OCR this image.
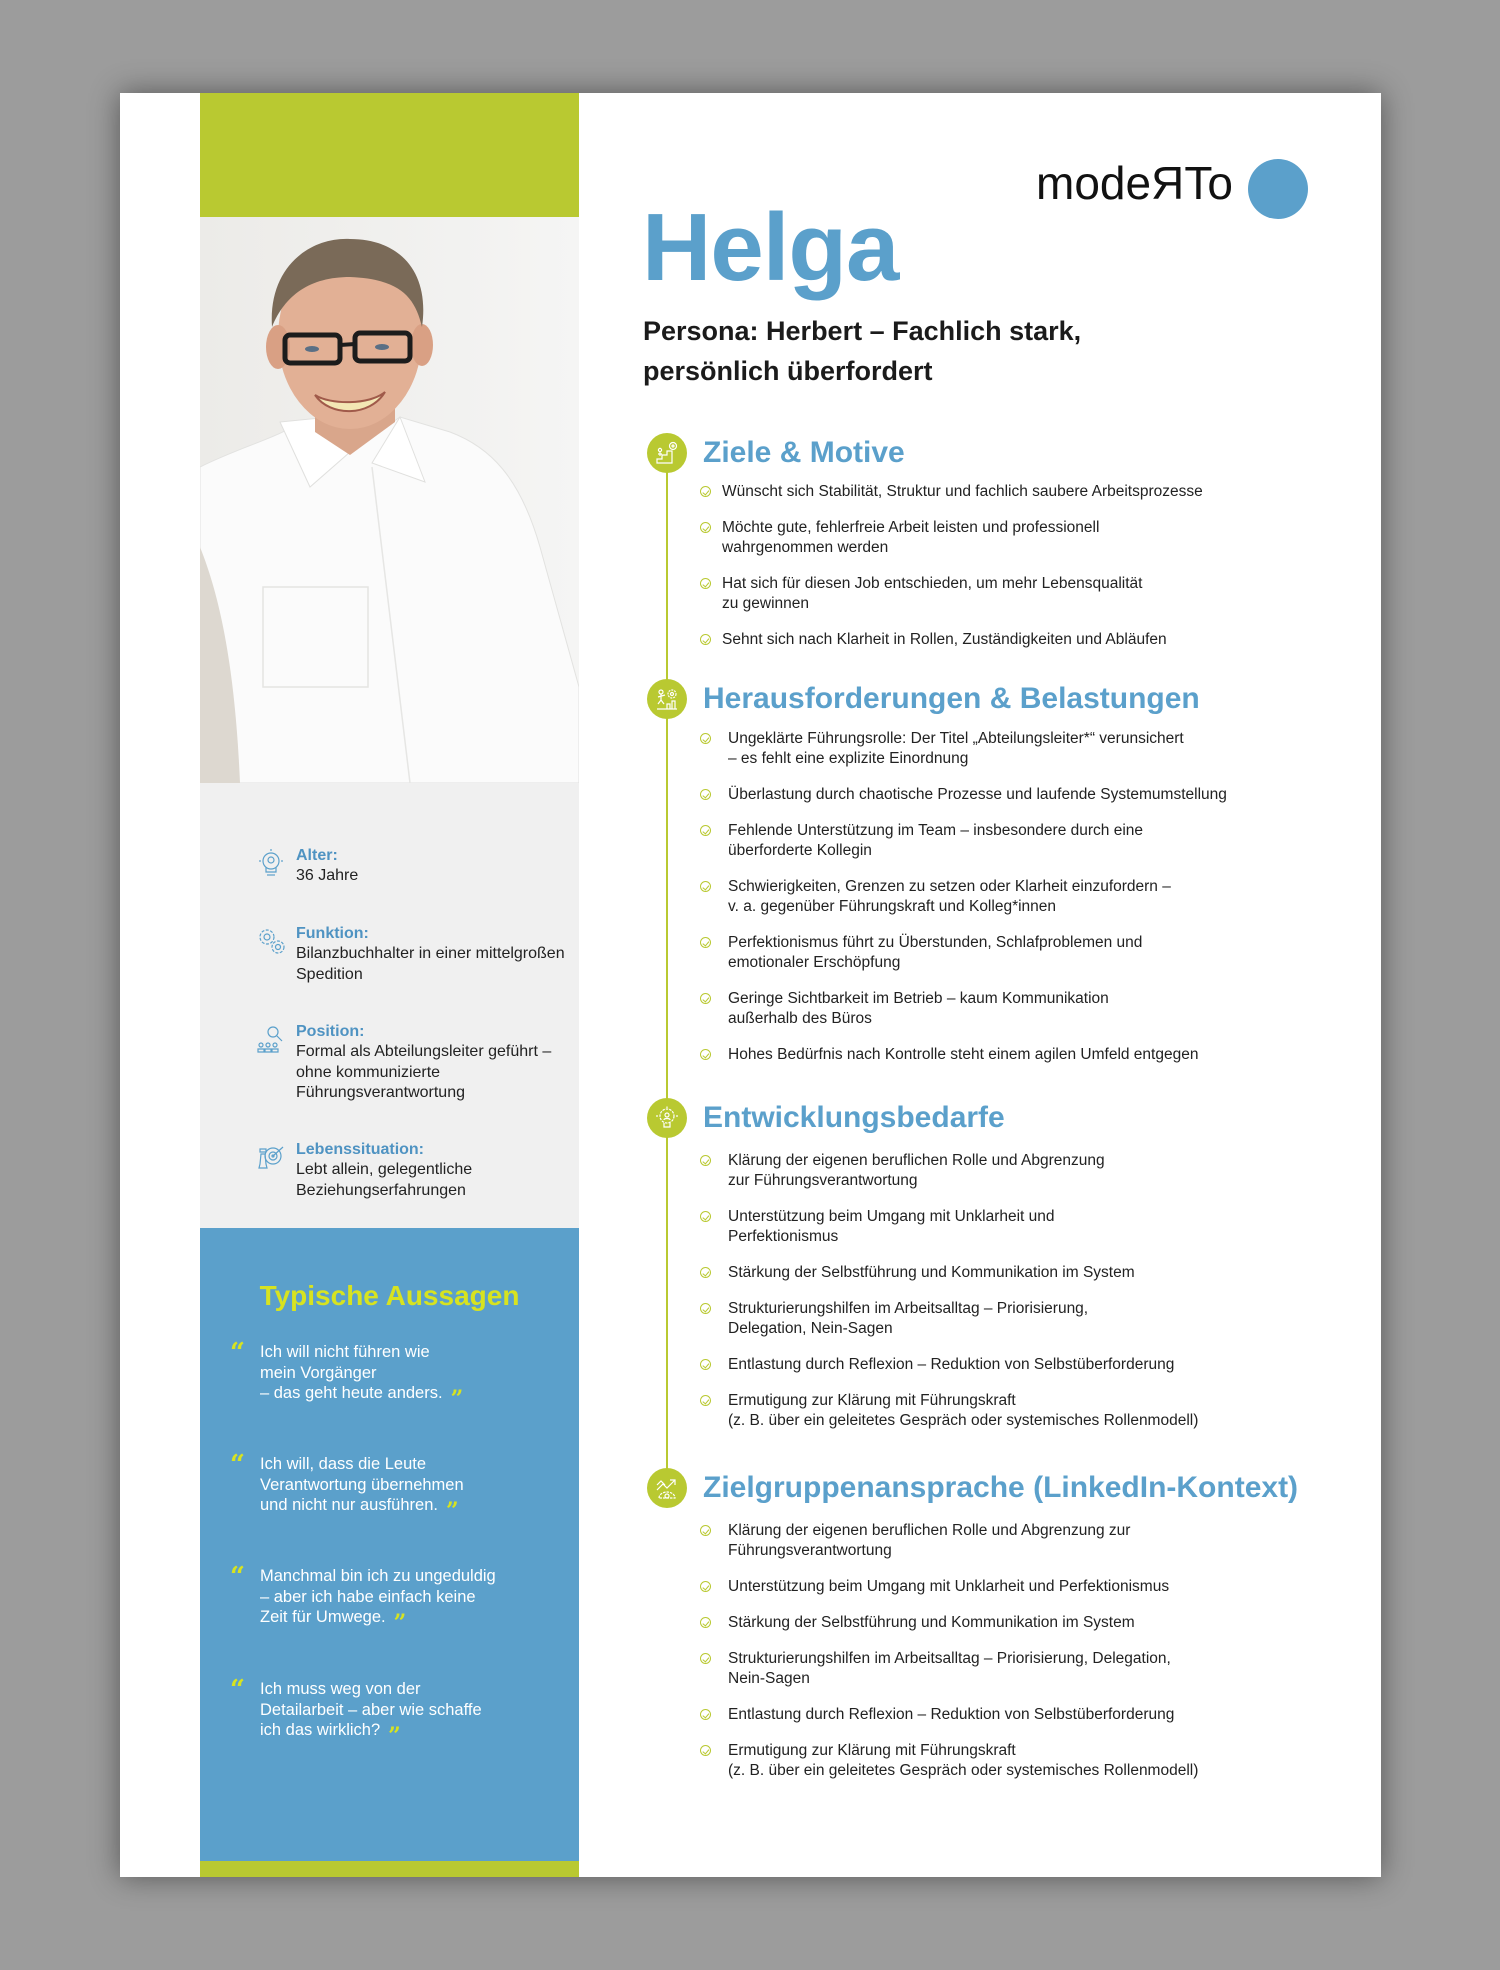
Alter:
36 Jahre
Funktion:
Bilanzbuchhalter in einer mittelgroßen Spedition
Position:
Formal als Abteilungsleiter geführt – ohne kommunizierte Führungsverantwortung
Lebenssituation:
Lebt allein, gelegentliche Beziehungserfahrungen
Typische Aussagen
“ Ich will nicht führen wie
mein Vorgänger
– das geht heute anders. ”
“ Ich will, dass die Leute
Verantwortung übernehmen
und nicht nur ausführen. ”
“ Manchmal bin ich zu ungeduldig
– aber ich habe einfach keine
Zeit für Umwege. ”
“ Ich muss weg von der
Detailarbeit – aber wie schaffe
ich das wirklich? ”
modeRTo
Helga
Persona: Herbert – Fachlich stark,
persönlich überfordert
Ziele & Motive
Wünscht sich Stabilität, Struktur und fachlich saubere Arbeitsprozesse
Möchte gute, fehlerfreie Arbeit leisten und professionell
wahrgenommen werden
Hat sich für diesen Job entschieden, um mehr Lebensqualität
zu gewinnen
Sehnt sich nach Klarheit in Rollen, Zuständigkeiten und Abläufen
Herausforderungen & Belastungen
Ungeklärte Führungsrolle: Der Titel „Abteilungsleiter*“ verunsichert
– es fehlt eine explizite Einordnung
Überlastung durch chaotische Prozesse und laufende Systemumstellung
Fehlende Unterstützung im Team – insbesondere durch eine
überforderte Kollegin
Schwierigkeiten, Grenzen zu setzen oder Klarheit einzufordern –
v. a. gegenüber Führungskraft und Kolleg*innen
Perfektionismus führt zu Überstunden, Schlafproblemen und
emotionaler Erschöpfung
Geringe Sichtbarkeit im Betrieb – kaum Kommunikation
außerhalb des Büros
Hohes Bedürfnis nach Kontrolle steht einem agilen Umfeld entgegen
Entwicklungsbedarfe
Klärung der eigenen beruflichen Rolle und Abgrenzung
zur Führungsverantwortung
Unterstützung beim Umgang mit Unklarheit und
Perfektionismus
Stärkung der Selbstführung und Kommunikation im System
Strukturierungshilfen im Arbeitsalltag – Priorisierung,
Delegation, Nein-Sagen
Entlastung durch Reflexion – Reduktion von Selbstüberforderung
Ermutigung zur Klärung mit Führungskraft
(z. B. über ein geleitetes Gespräch oder systemisches Rollenmodell)
Zielgruppenansprache (LinkedIn-Kontext)
Klärung der eigenen beruflichen Rolle und Abgrenzung zur
Führungsverantwortung
Unterstützung beim Umgang mit Unklarheit und Perfektionismus
Stärkung der Selbstführung und Kommunikation im System
Strukturierungshilfen im Arbeitsalltag – Priorisierung, Delegation,
Nein-Sagen
Entlastung durch Reflexion – Reduktion von Selbstüberforderung
Ermutigung zur Klärung mit Führungskraft
(z. B. über ein geleitetes Gespräch oder systemisches Rollenmodell)
